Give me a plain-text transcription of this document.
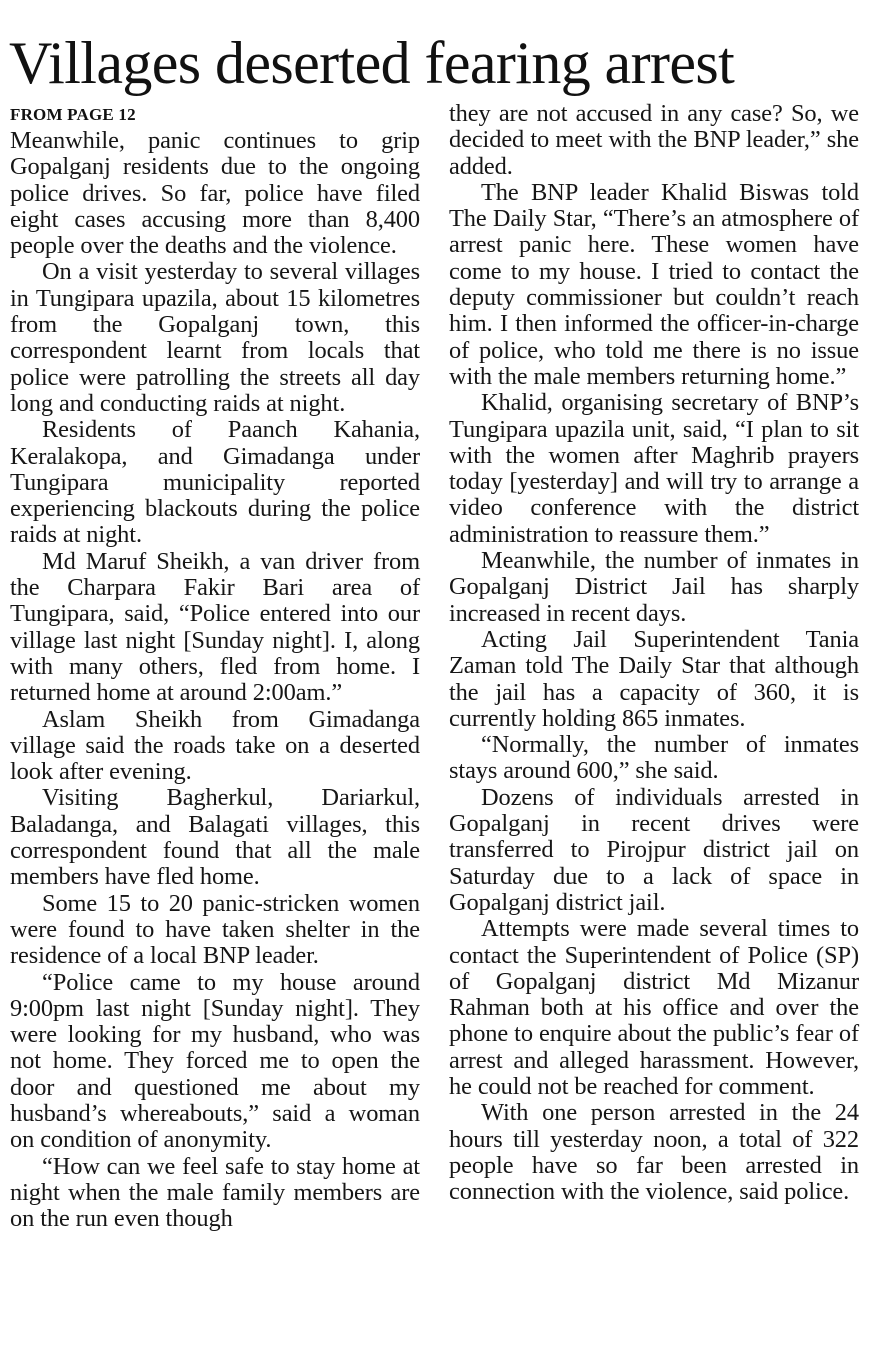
Villages deserted fearing arrest
FROM PAGE 12

Meanwhile, panic continues to grip Gopalganj residents due to the ongoing police drives. So far, police have filed eight cases accusing more than 8,400 people over the deaths and the violence.

On a visit yesterday to several villages in Tungipara upazila, about 15 kilometres from the Gopalganj town, this correspondent learnt from locals that police were patrolling the streets all day long and conducting raids at night.

Residents of Paanch Kahania, Keralakopa, and Gimadanga under Tungipara municipality reported experiencing blackouts during the police raids at night.

Md Maruf Sheikh, a van driver from the Charpara Fakir Bari area of Tungipara, said, “Police entered into our village last night [Sunday night]. I, along with many others, fled from home. I returned home at around 2:00am.”

Aslam Sheikh from Gimadanga village said the roads take on a deserted look after evening.

Visiting Bagherkul, Dariarkul, Baladanga, and Balagati villages, this correspondent found that all the male members have fled home.

Some 15 to 20 panic-stricken women were found to have taken shelter in the residence of a local BNP leader.

“Police came to my house around 9:00pm last night [Sunday night]. They were looking for my husband, who was not home. They forced me to open the door and questioned me about my husband’s whereabouts,” said a woman on condition of anonymity.

“How can we feel safe to stay home at night when the male family members are on the run even though

they are not accused in any case? So, we decided to meet with the BNP leader,” she added.

The BNP leader Khalid Biswas told The Daily Star, “There’s an atmosphere of arrest panic here. These women have come to my house. I tried to contact the deputy commissioner but couldn’t reach him. I then informed the officer-in-charge of police, who told me there is no issue with the male members returning home.”

Khalid, organising secretary of BNP’s Tungipara upazila unit, said, “I plan to sit with the women after Maghrib prayers today [yesterday] and will try to arrange a video conference with the district administration to reassure them.”

Meanwhile, the number of inmates in Gopalganj District Jail has sharply increased in recent days.

Acting Jail Superintendent Tania Zaman told The Daily Star that although the jail has a capacity of 360, it is currently holding 865 inmates.

“Normally, the number of inmates stays around 600,” she said.

Dozens of individuals arrested in Gopalganj in recent drives were transferred to Pirojpur district jail on Saturday due to a lack of space in Gopalganj district jail.

Attempts were made several times to contact the Superintendent of Police (SP) of Gopalganj district Md Mizanur Rahman both at his office and over the phone to enquire about the public’s fear of arrest and alleged harassment. However, he could not be reached for comment.

With one person arrested in the 24 hours till yesterday noon, a total of 322 people have so far been arrested in connection with the violence, said police.
